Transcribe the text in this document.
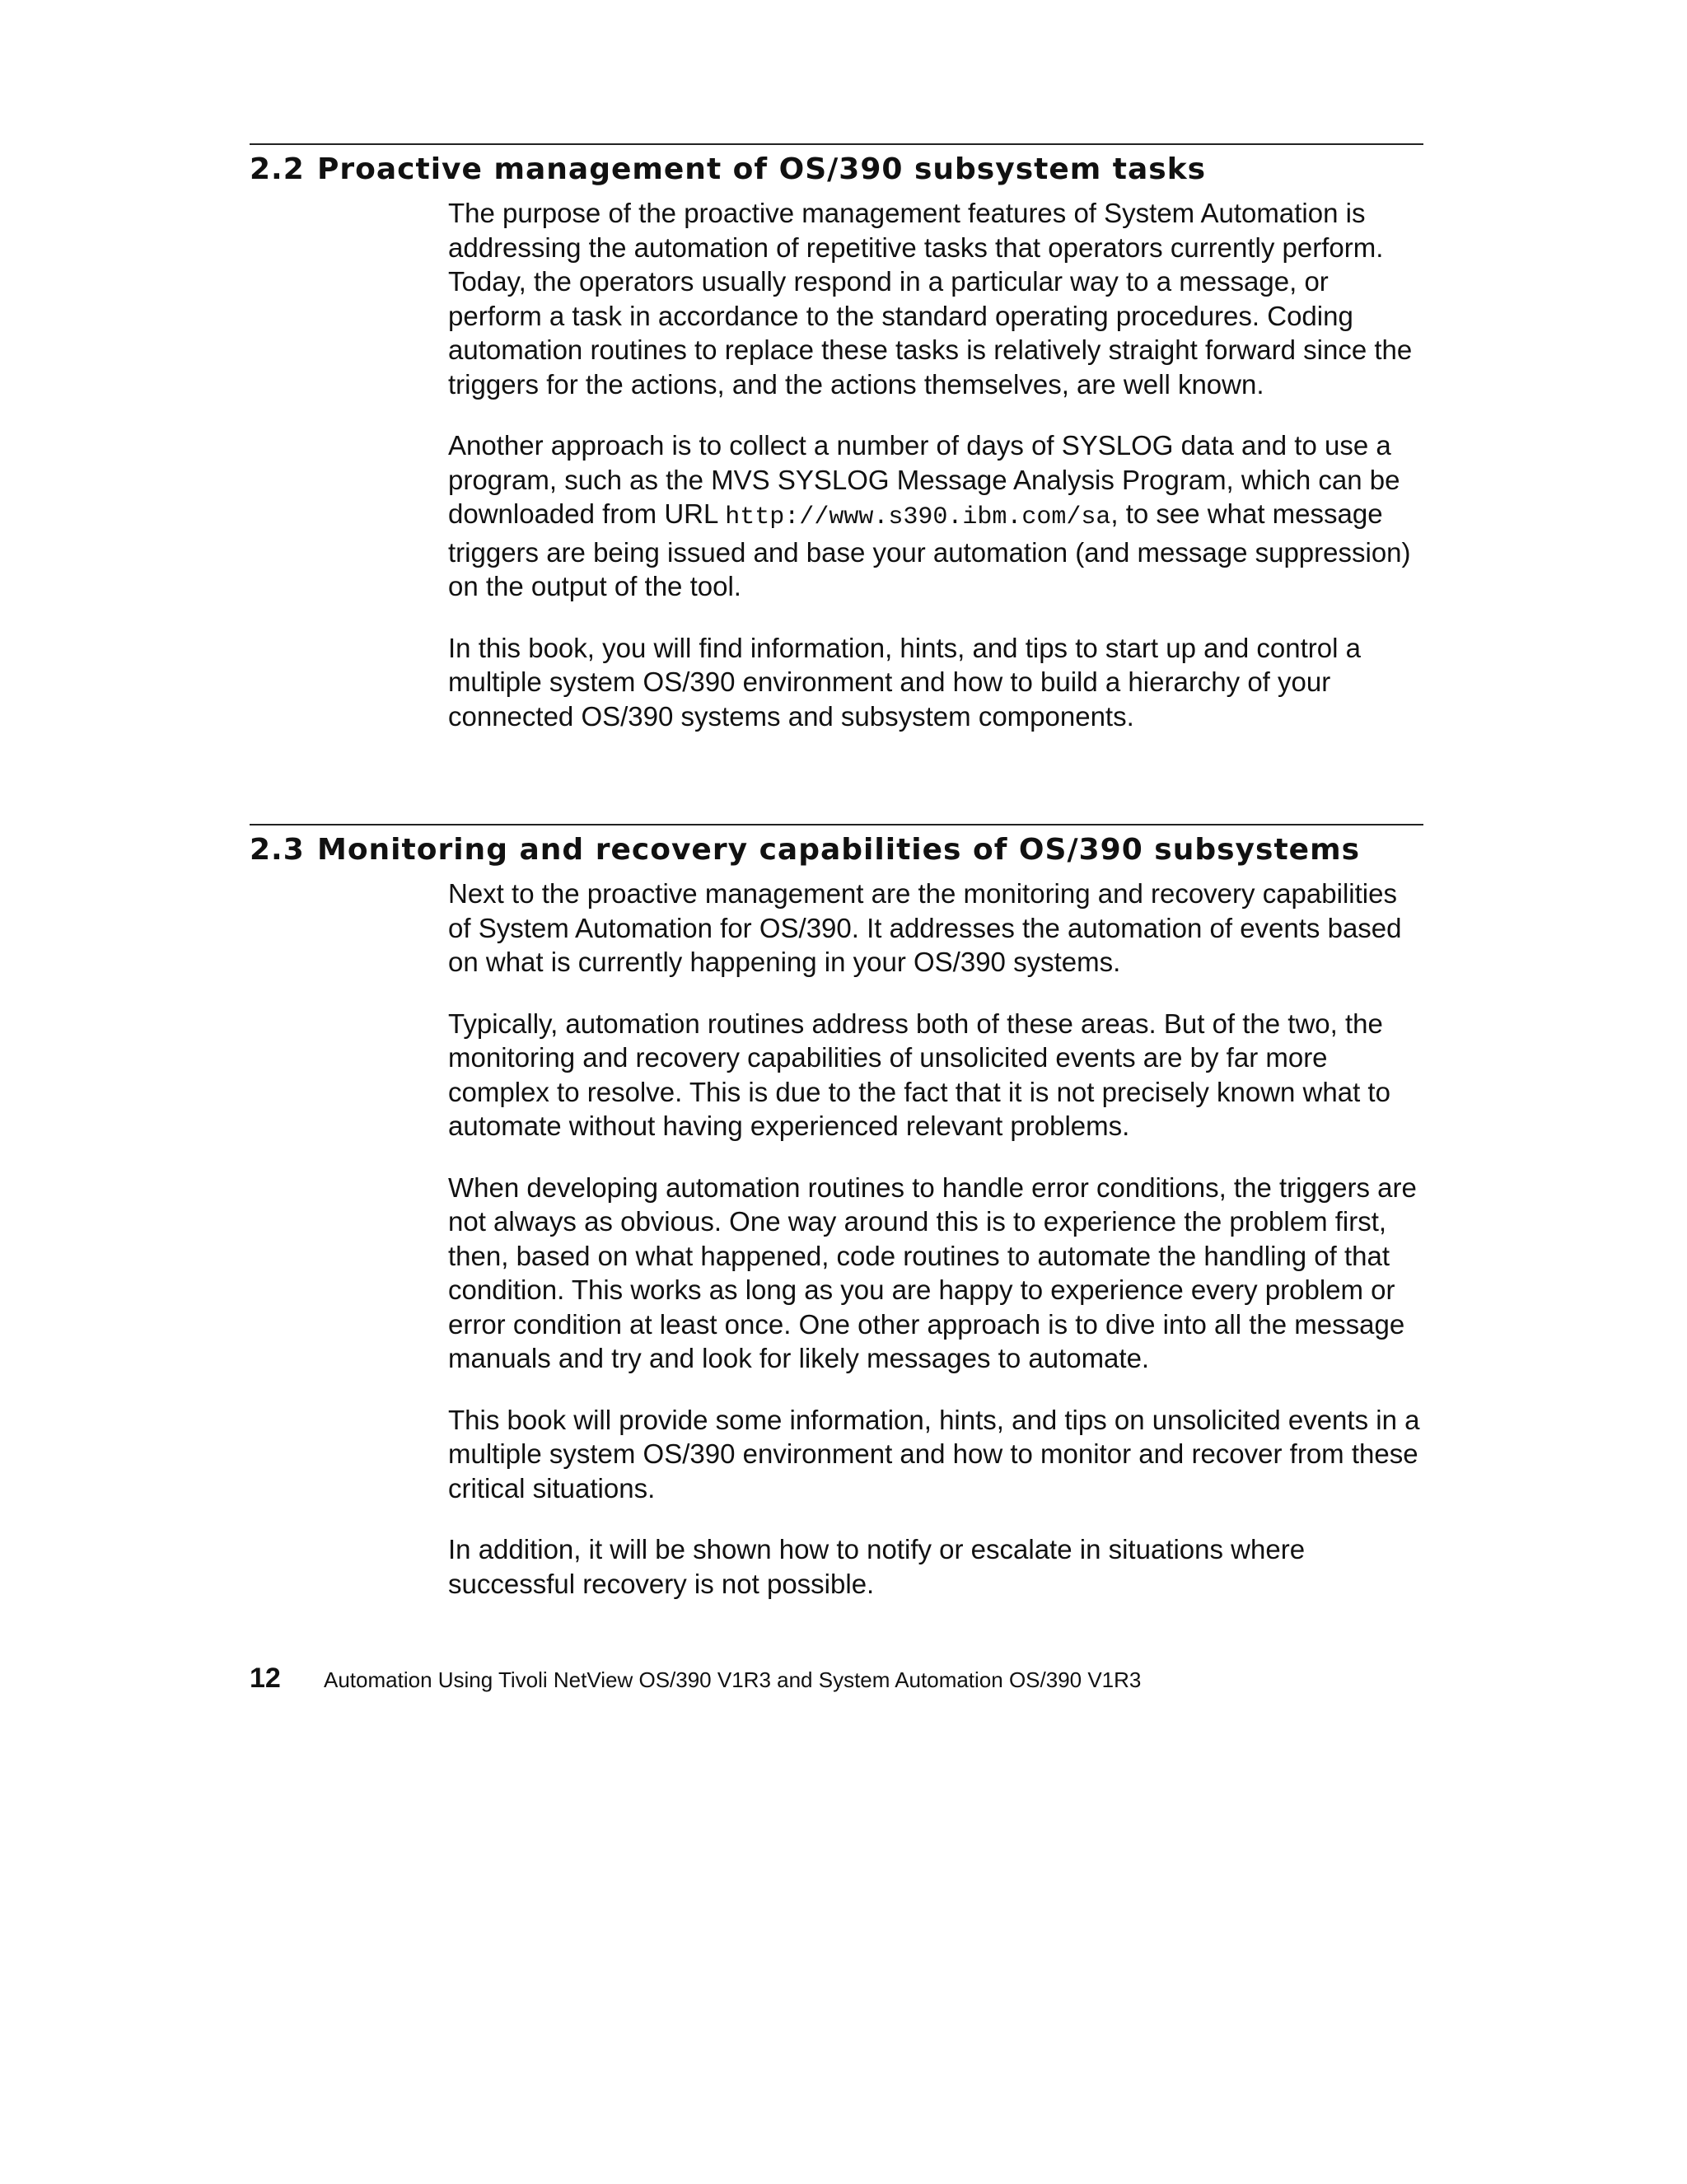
2.2 Proactive management of OS/390 subsystem tasks

The purpose of the proactive management features of System Automation is addressing the automation of repetitive tasks that operators currently perform. Today, the operators usually respond in a particular way to a message, or perform a task in accordance to the standard operating procedures. Coding automation routines to replace these tasks is relatively straight forward since the triggers for the actions, and the actions themselves, are well known.

Another approach is to collect a number of days of SYSLOG data and to use a program, such as the MVS SYSLOG Message Analysis Program, which can be downloaded from URL http://www.s390.ibm.com/sa, to see what message triggers are being issued and base your automation (and message suppression) on the output of the tool.

In this book, you will find information, hints, and tips to start up and control a multiple system OS/390 environment and how to build a hierarchy of your connected OS/390 systems and subsystem components.

2.3 Monitoring and recovery capabilities of OS/390 subsystems

Next to the proactive management are the monitoring and recovery capabilities of System Automation for OS/390. It addresses the automation of events based on what is currently happening in your OS/390 systems.

Typically, automation routines address both of these areas. But of the two, the monitoring and recovery capabilities of unsolicited events are by far more complex to resolve. This is due to the fact that it is not precisely known what to automate without having experienced relevant problems.

When developing automation routines to handle error conditions, the triggers are not always as obvious. One way around this is to experience the problem first, then, based on what happened, code routines to automate the handling of that condition. This works as long as you are happy to experience every problem or error condition at least once. One other approach is to dive into all the message manuals and try and look for likely messages to automate.

This book will provide some information, hints, and tips on unsolicited events in a multiple system OS/390 environment and how to monitor and recover from these critical situations.

In addition, it will be shown how to notify or escalate in situations where successful recovery is not possible.

12 Automation Using Tivoli NetView OS/390 V1R3 and System Automation OS/390 V1R3
